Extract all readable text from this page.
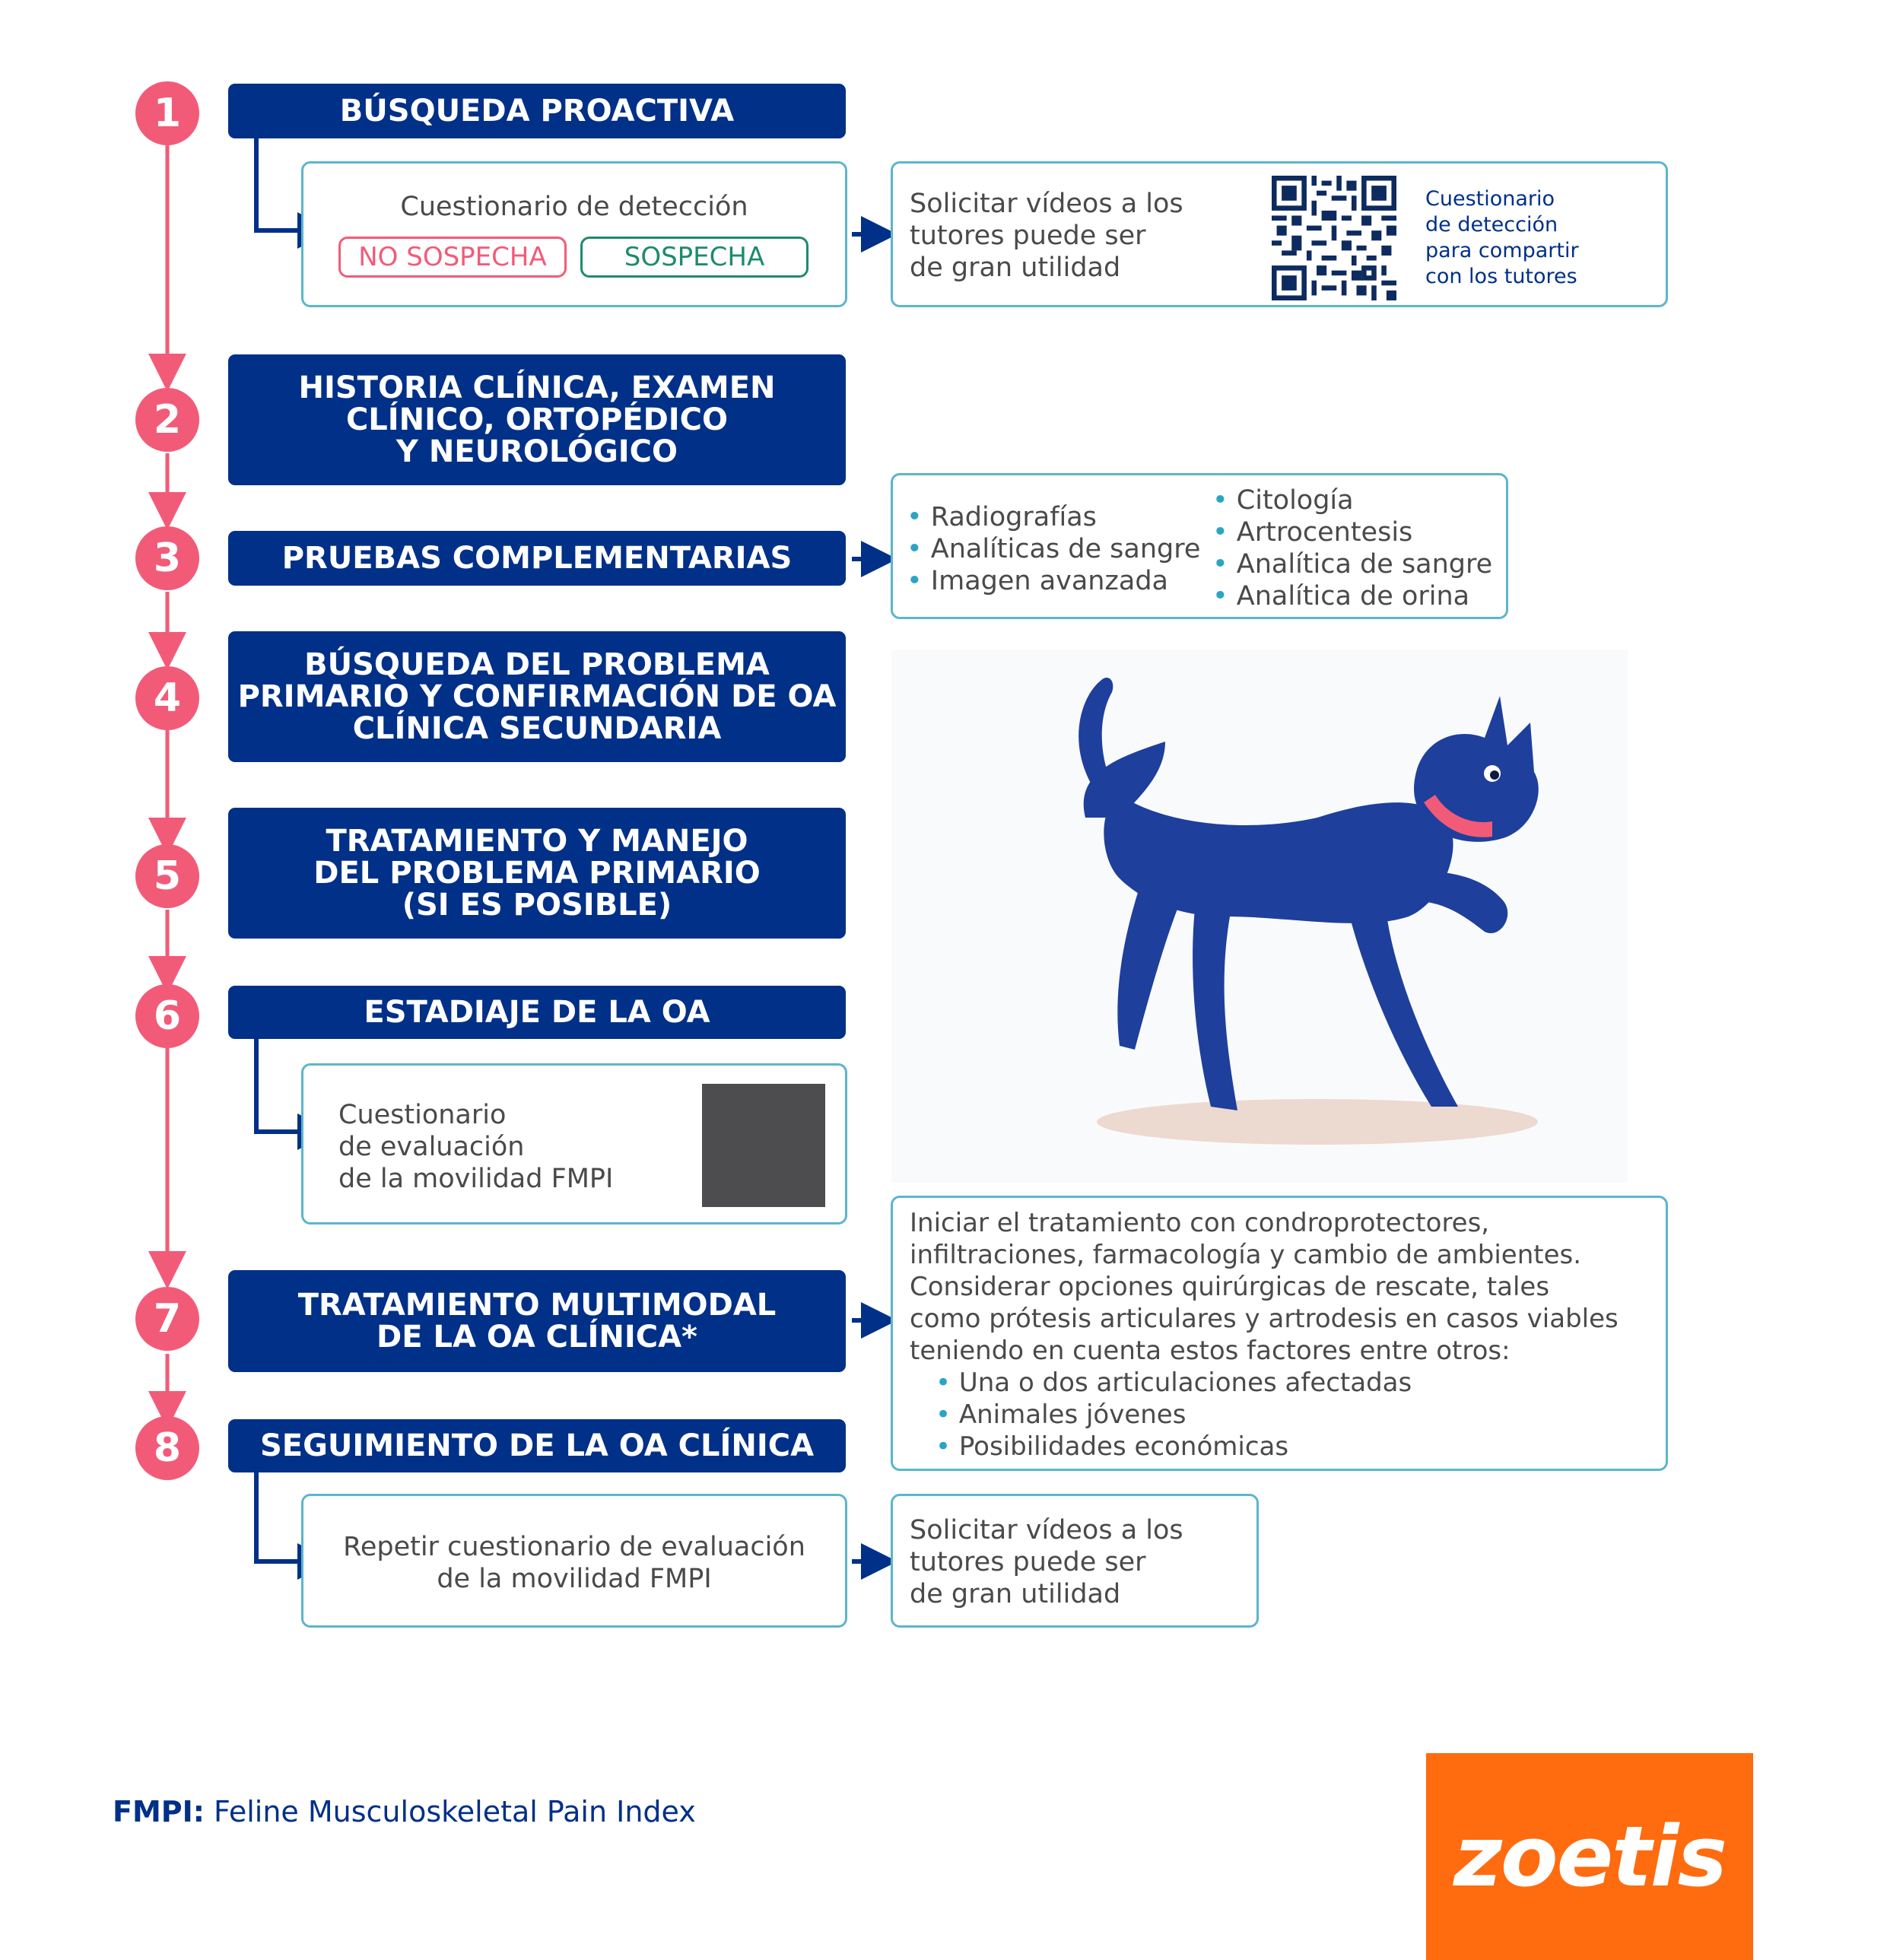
1
2
3
4
5
6
7
8
BÚSQUEDA PROACTIVA
HISTORIA CLÍNICA, EXAMEN
CLÍNICO, ORTOPÉDICO
Y NEUROLÓGICO
PRUEBAS COMPLEMENTARIAS
BÚSQUEDA DEL PROBLEMA
PRIMARIO Y CONFIRMACIÓN DE OA
CLÍNICA SECUNDARIA
TRATAMIENTO Y MANEJO
DEL PROBLEMA PRIMARIO
(SI ES POSIBLE)
ESTADIAJE DE LA OA
TRATAMIENTO MULTIMODAL
DE LA OA CLÍNICA*
SEGUIMIENTO DE LA OA CLÍNICA
Cuestionario de detección
NO SOSPECHA	SOSPECHA
Solicitar vídeos a los
tutores puede ser
de gran utilidad
Cuestionario
de detección
para compartir
con los tutores
• Radiografías
• Analíticas de sangre
• Imagen avanzada
• Citología
• Artrocentesis
• Analítica de sangre
• Analítica de orina
Cuestionario
de evaluación
de la movilidad FMPI
Iniciar el tratamiento con condroprotectores,
infiltraciones, farmacología y cambio de ambientes.
Considerar opciones quirúrgicas de rescate, tales
como prótesis articulares y artrodesis en casos viables
teniendo en cuenta estos factores entre otros:
• Una o dos articulaciones afectadas
• Animales jóvenes
• Posibilidades económicas
Repetir cuestionario de evaluación
de la movilidad FMPI
Solicitar vídeos a los
tutores puede ser
de gran utilidad
FMPI: Feline Musculoskeletal Pain Index	zoetis
